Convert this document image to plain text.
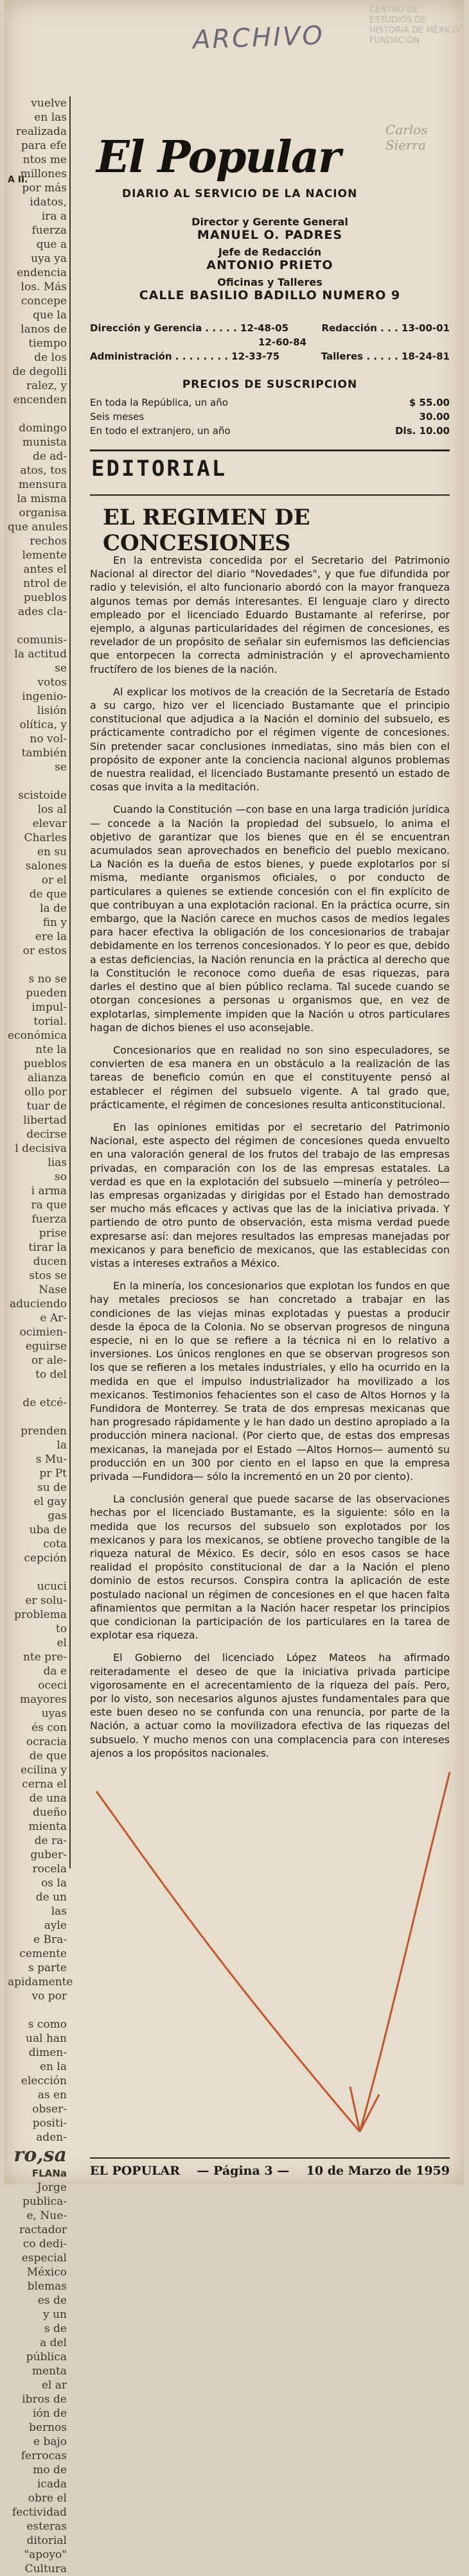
CENTRO DE ESTUDIOS DE HISTORIA DE MÉXICO FUNDACIÓN
ARCHIVO
Carlos Sierra
A II.
vuelve
en las
realizada
para efe
ntos me
millones
por más
idatos,
ira a
fuerza
que a
uya ya
endencia
los. Más
concepe
que la
lanos de
tiempo
de los
de degolli
ralez, y
encenden

domingo
munista
de ad-
atos, tos
mensura
la misma
organisa
que anules
rechos
lemente
antes el
ntrol de
pueblos
ades cla-

comunis-
la actitud
se
votos
ingenio-
lisión
olítica, y
no vol-
también
se

scistoide
los al
elevar
Charles
en su
salones
or el
de que
la de
fin y
ere la
or estos

s no se
pueden
impul-
torial.
económica
nte la
pueblos
alianza
ollo por
tuar de
libertad
decirse
l decisiva
lias
so
i arma
ra que
fuerza
prise
tirar la
ducen
stos se
Nase
aduciendo
e Ar-
ocimien-
eguirse
or ale-
to del

de etcé-

prenden
la
s Mu-
pr Pt
su de
el gay
gas
uba de
cota
cepción

ucuci
er solu-
problema
to
el
nte pre-
da e
oceci
mayores
uyas
és con
ocracia
de que
ecilina y
cerna el
de una
dueño
mienta
de ra-
guber-
rocela
os la
de un
las
ayle
e Bra-
cemente
s parte
apidamente
vo por

s como
ual han
dimen-
en la
elección
as en
obser-
positi-
aden-
ro,sa
FLANa
Jorge
publica-
e, Nue-
ractador
co dedi-
especial
México
blemas
es de
y un
s de
a del
pública
menta
el ar
ibros de
ión de
bernos
e bajo
ferrocas
mo de
icada
obre el
fectividad
esteras
ditorial
"apoyo"
Cultura
El Popular
DIARIO AL SERVICIO DE LA NACION
Director y Gerente General
MANUEL O. PADRES
Jefe de Redacción
ANTONIO PRIETO
Oficinas y Talleres
CALLE BASILIO BADILLO NUMERO 9
Dirección y Gerencia . . . . . 12-48-05	Redacción . . . 13-00-01
12-60-84
Administración . . . . . . . . 12-33-75	Talleres . . . . . 18-24-81
PRECIOS DE SUSCRIPCION
En toda la República, un año	$ 55.00
Seis meses	30.00
En todo el extranjero, un año	Dls. 10.00
EDITORIAL
EL REGIMEN DE CONCESIONES

En la entrevista concedida por el Secretario del Patrimonio Nacional al director del diario "Novedades", y que fue difundida por radio y televisión, el alto funcionario abordó con la mayor franqueza algunos temas por demás interesantes. El lenguaje claro y directo empleado por el licenciado Eduardo Bustamante al referirse, por ejemplo, a algunas particularidades del régimen de concesiones, es revelador de un propósito de señalar sin eufemismos las deficiencias que entorpecen la correcta administración y el aprovechamiento fructífero de los bienes de la nación.

Al explicar los motivos de la creación de la Secretaría de Estado a su cargo, hizo ver el licenciado Bustamante que el principio constitucional que adjudica a la Nación el dominio del subsuelo, es prácticamente contradicho por el régimen vigente de concesiones. Sin pretender sacar conclusiones inmediatas, sino más bien con el propósito de exponer ante la conciencia nacional algunos problemas de nuestra realidad, el licenciado Bustamante presentó un estado de cosas que invita a la meditación.

Cuando la Constitución —con base en una larga tradición jurídica— concede a la Nación la propiedad del subsuelo, lo anima el objetivo de garantizar que los bienes que en él se encuentran acumulados sean aprovechados en beneficio del pueblo mexicano. La Nación es la dueña de estos bienes, y puede explotarlos por sí misma, mediante organismos oficiales, o por conducto de particulares a quienes se extiende concesión con el fin explícito de que contribuyan a una explotación racional. En la práctica ocurre, sin embargo, que la Nación carece en muchos casos de medios legales para hacer efectiva la obligación de los concesionarios de trabajar debidamente en los terrenos concesionados. Y lo peor es que, debido a estas deficiencias, la Nación renuncia en la práctica al derecho que la Constitución le reconoce como dueña de esas riquezas, para darles el destino que al bien público reclama. Tal sucede cuando se otorgan concesiones a personas u organismos que, en vez de explotarlas, simplemente impiden que la Nación u otros particulares hagan de dichos bienes el uso aconsejable.

Concesionarios que en realidad no son sino especuladores, se convierten de esa manera en un obstáculo a la realización de las tareas de beneficio común en que el constituyente pensó al establecer el régimen del subsuelo vigente. A tal grado que, prácticamente, el régimen de concesiones resulta anticonstitucional.

En las opiniones emitidas por el secretario del Patrimonio Nacional, este aspecto del régimen de concesiones queda envuelto en una valoración general de los frutos del trabajo de las empresas privadas, en comparación con los de las empresas estatales. La verdad es que en la explotación del subsuelo —minería y petróleo— las empresas organizadas y dirigidas por el Estado han demostrado ser mucho más eficaces y activas que las de la iniciativa privada. Y partiendo de otro punto de observación, esta misma verdad puede expresarse así: dan mejores resultados las empresas manejadas por mexicanos y para beneficio de mexicanos, que las establecidas con vistas a intereses extraños a México.

En la minería, los concesionarios que explotan los fundos en que hay metales preciosos se han concretado a trabajar en las condiciones de las viejas minas explotadas y puestas a producir desde la época de la Colonia. No se observan progresos de ninguna especie, ni en lo que se refiere a la técnica ni en lo relativo a inversiones. Los únicos renglones en que se observan progresos son los que se refieren a los metales industriales, y ello ha ocurrido en la medida en que el impulso industrializador ha movilizado a los mexicanos. Testimonios fehacientes son el caso de Altos Hornos y la Fundidora de Monterrey. Se trata de dos empresas mexicanas que han progresado rápidamente y le han dado un destino apropiado a la producción minera nacional. (Por cierto que, de estas dos empresas mexicanas, la manejada por el Estado —Altos Hornos— aumentó su producción en un 300 por ciento en el lapso en que la empresa privada —Fundidora— sólo la incrementó en un 20 por ciento).

La conclusión general que puede sacarse de las observaciones hechas por el licenciado Bustamante, es la siguiente: sólo en la medida que los recursos del subsuelo son explotados por los mexicanos y para los mexicanos, se obtiene provecho tangible de la riqueza natural de México. Es decir, sólo en esos casos se hace realidad el propósito constitucional de dar a la Nación el pleno dominio de estos recursos. Conspira contra la aplicación de este postulado nacional un régimen de concesiones en el que hacen falta afinamientos que permitan a la Nación hacer respetar los principios que condicionan la participación de los particulares en la tarea de explotar esa riqueza.

El Gobierno del licenciado López Mateos ha afirmado reiteradamente el deseo de que la iniciativa privada participe vigorosamente en el acrecentamiento de la riqueza del país. Pero, por lo visto, son necesarios algunos ajustes fundamentales para que este buen deseo no se confunda con una renuncia, por parte de la Nación, a actuar como la movilizadora efectiva de las riquezas del subsuelo. Y mucho menos con una complacencia para con intereses ajenos a los propósitos nacionales.

EL POPULAR — Página 3 — 10 de Marzo de 1959
